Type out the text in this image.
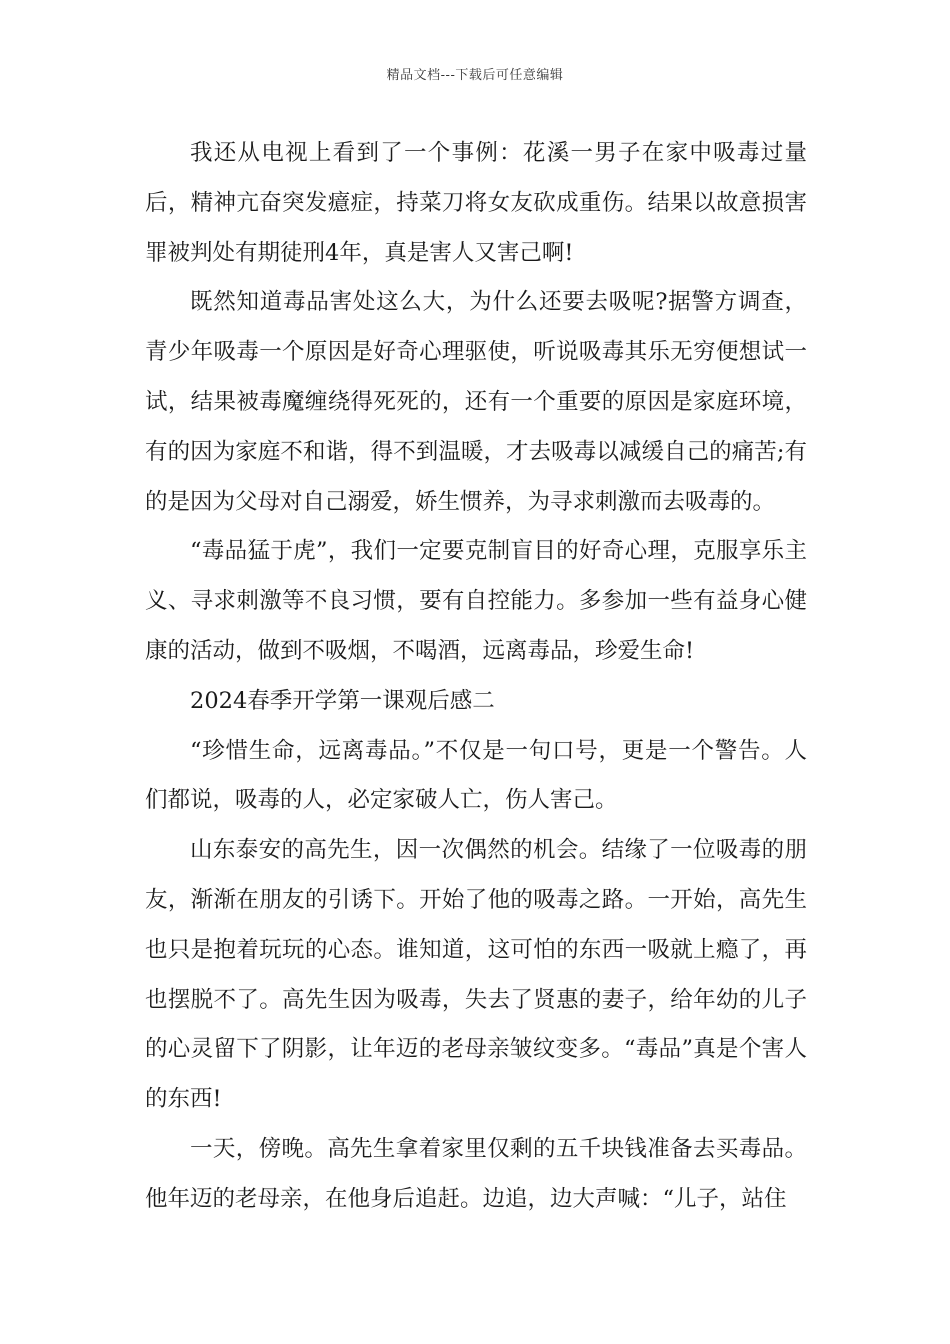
精品文档---下载后可任意编辑

我还从电视上看到了一个事例：花溪一男子在家中吸毒过量后，精神亢奋突发癔症，持菜刀将女友砍成重伤。结果以故意损害罪被判处有期徒刑4年，真是害人又害己啊!

既然知道毒品害处这么大，为什么还要去吸呢?据警方调查，青少年吸毒一个原因是好奇心理驱使，听说吸毒其乐无穷便想试一试，结果被毒魔缠绕得死死的，还有一个重要的原因是家庭环境，有的因为家庭不和谐，得不到温暖，才去吸毒以减缓自己的痛苦;有的是因为父母对自己溺爱，娇生惯养，为寻求刺激而去吸毒的。

“毒品猛于虎”，我们一定要克制盲目的好奇心理，克服享乐主义、寻求刺激等不良习惯，要有自控能力。多参加一些有益身心健康的活动，做到不吸烟，不喝酒，远离毒品，珍爱生命!

2024春季开学第一课观后感二

“珍惜生命，远离毒品。”不仅是一句口号，更是一个警告。人们都说，吸毒的人，必定家破人亡，伤人害己。

山东泰安的高先生，因一次偶然的机会。结缘了一位吸毒的朋友，渐渐在朋友的引诱下。开始了他的吸毒之路。一开始，高先生也只是抱着玩玩的心态。谁知道，这可怕的东西一吸就上瘾了，再也摆脱不了。高先生因为吸毒，失去了贤惠的妻子，给年幼的儿子的心灵留下了阴影，让年迈的老母亲皱纹变多。“毒品”真是个害人的东西!

一天，傍晚。高先生拿着家里仅剩的五千块钱准备去买毒品。他年迈的老母亲，在他身后追赶。边追，边大声喊：“儿子，站住
